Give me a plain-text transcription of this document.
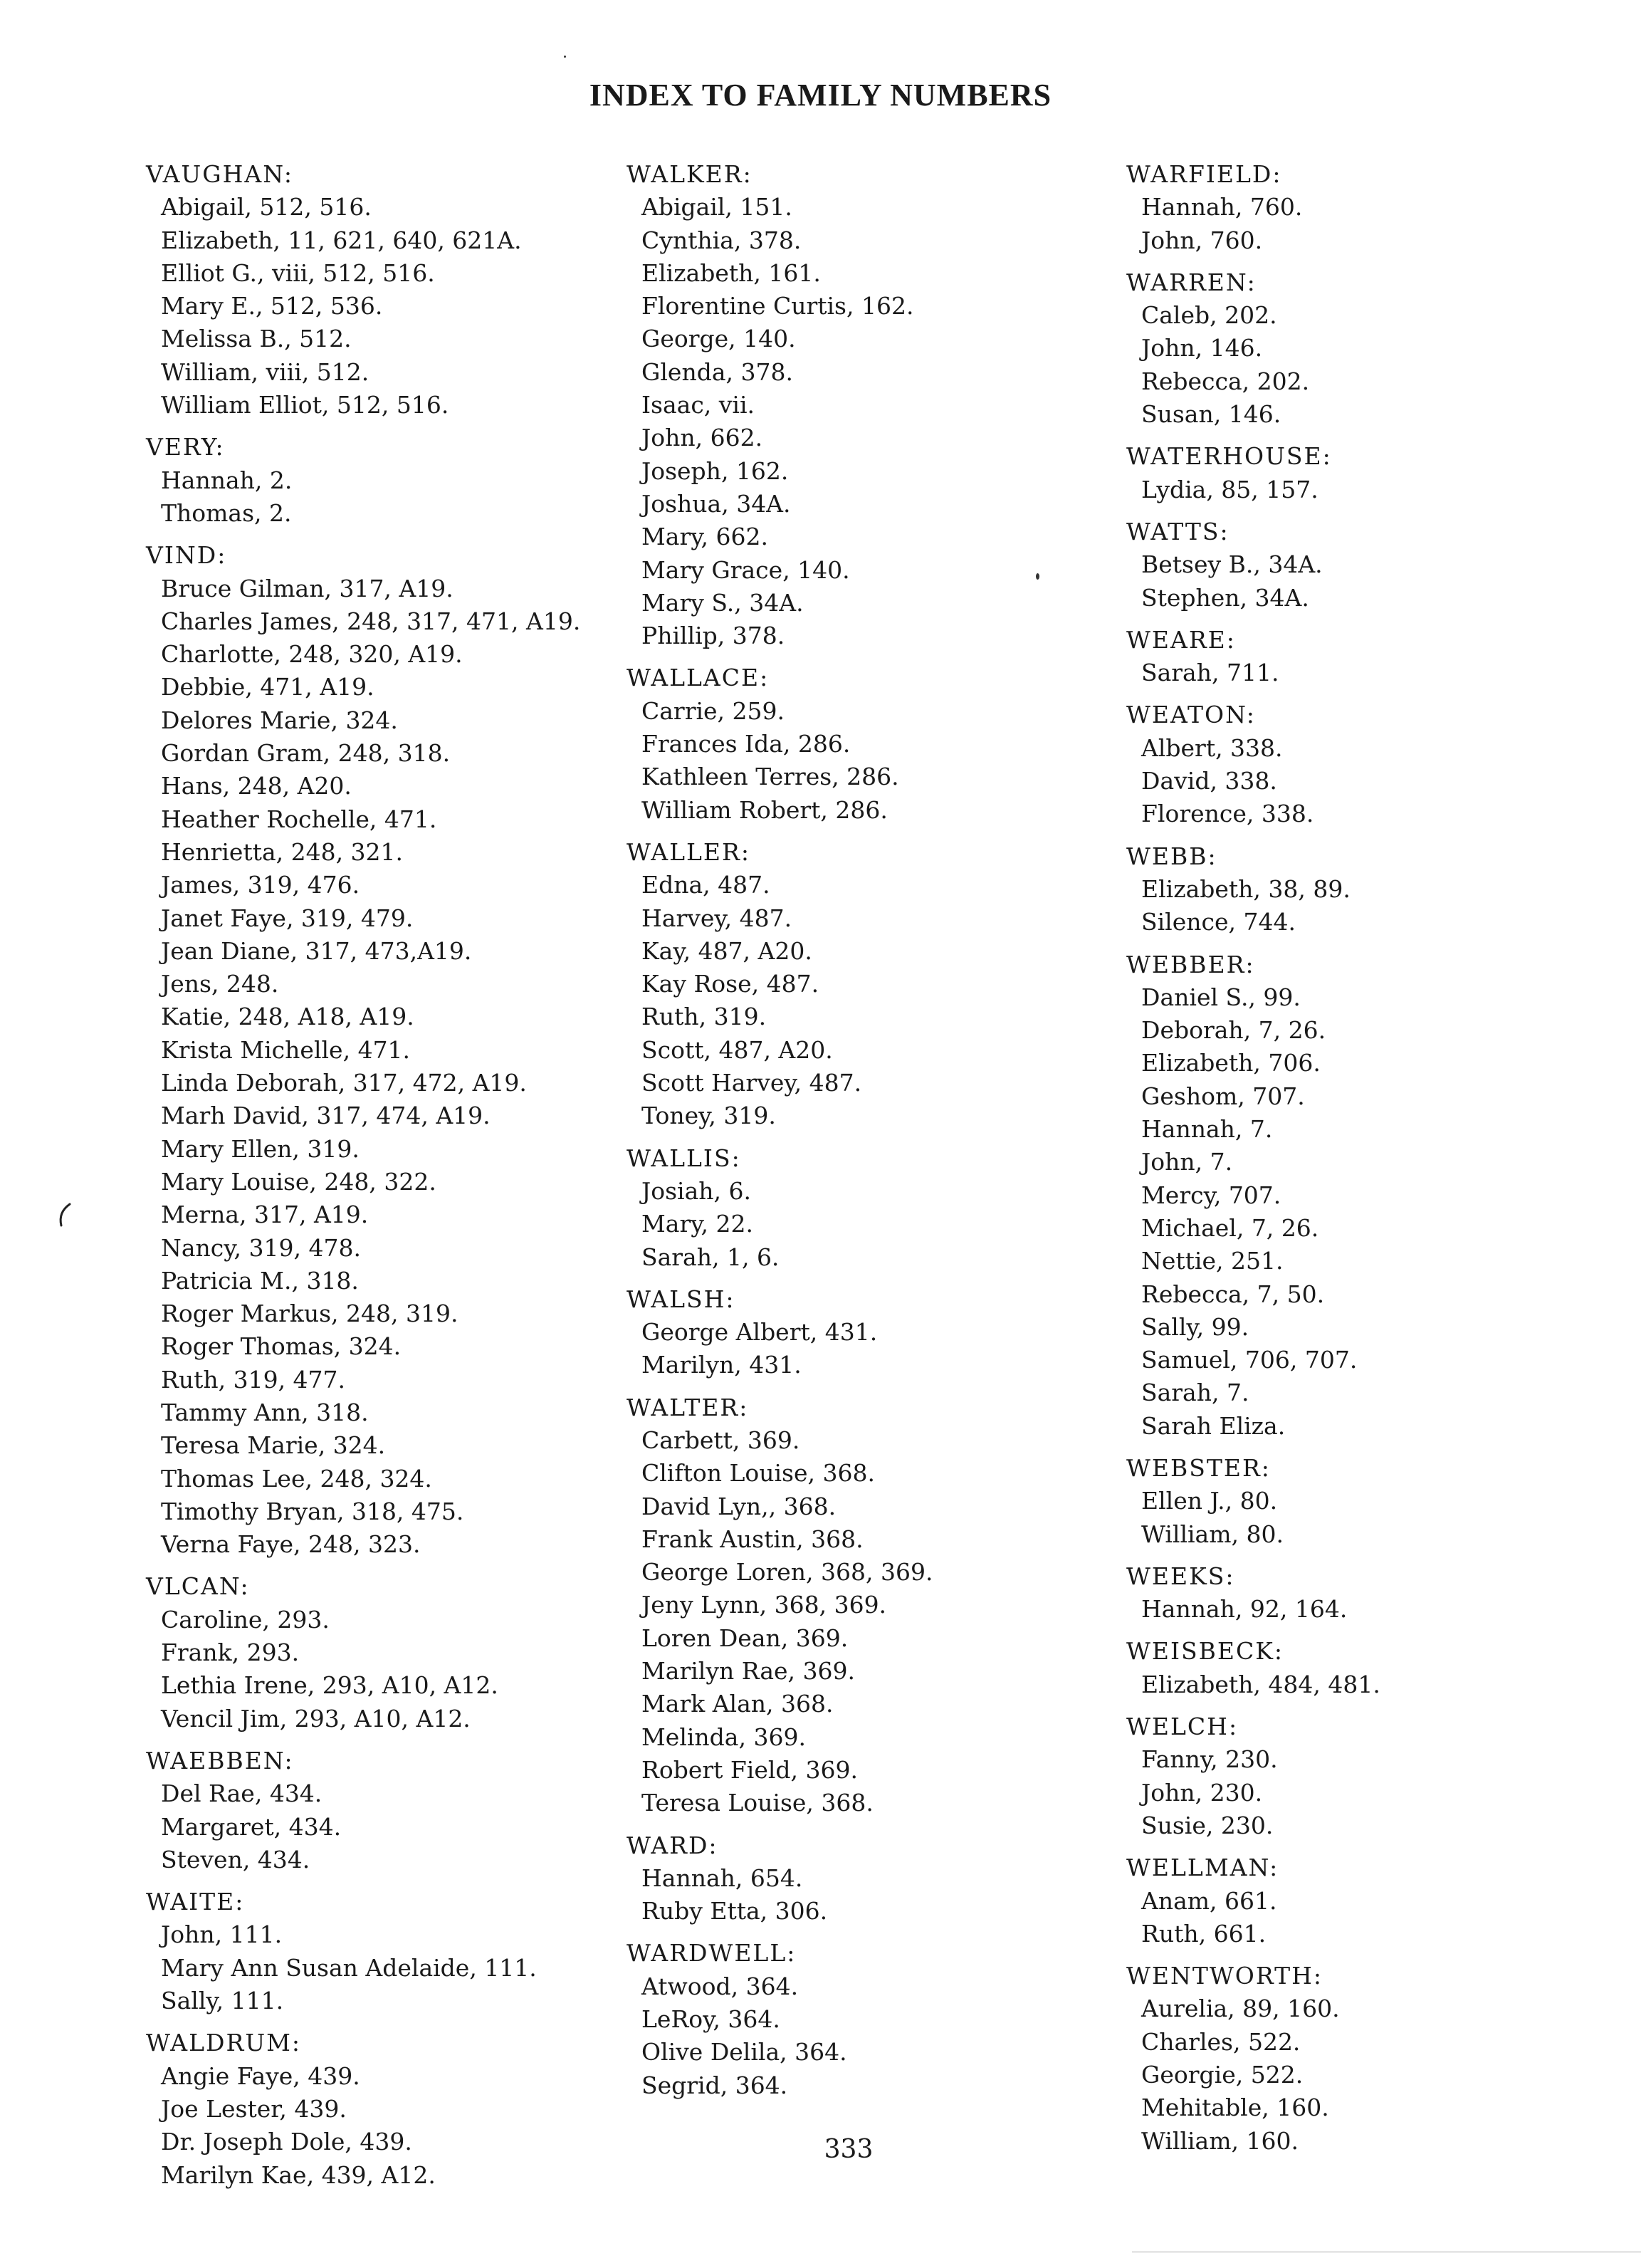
INDEX TO FAMILY NUMBERS
VAUGHAN:
Abigail, 512, 516.
Elizabeth, 11, 621, 640, 621A.
Elliot G., viii, 512, 516.
Mary E., 512, 536.
Melissa B., 512.
William, viii, 512.
William Elliot, 512, 516.
VERY:
Hannah, 2.
Thomas, 2.
VIND:
Bruce Gilman, 317, A19.
Charles James, 248, 317, 471, A19.
Charlotte, 248, 320, A19.
Debbie, 471, A19.
Delores Marie, 324.
Gordan Gram, 248, 318.
Hans, 248, A20.
Heather Rochelle, 471.
Henrietta, 248, 321.
James, 319, 476.
Janet Faye, 319, 479.
Jean Diane, 317, 473,A19.
Jens, 248.
Katie, 248, A18, A19.
Krista Michelle, 471.
Linda Deborah, 317, 472, A19.
Marh David, 317, 474, A19.
Mary Ellen, 319.
Mary Louise, 248, 322.
Merna, 317, A19.
Nancy, 319, 478.
Patricia M., 318.
Roger Markus, 248, 319.
Roger Thomas, 324.
Ruth, 319, 477.
Tammy Ann, 318.
Teresa Marie, 324.
Thomas Lee, 248, 324.
Timothy Bryan, 318, 475.
Verna Faye, 248, 323.
VLCAN:
Caroline, 293.
Frank, 293.
Lethia Irene, 293, A10, A12.
Vencil Jim, 293, A10, A12.
WAEBBEN:
Del Rae, 434.
Margaret, 434.
Steven, 434.
WAITE:
John, 111.
Mary Ann Susan Adelaide, 111.
Sally, 111.
WALDRUM:
Angie Faye, 439.
Joe Lester, 439.
Dr. Joseph Dole, 439.
Marilyn Kae, 439, A12.
WALKER:
Abigail, 151.
Cynthia, 378.
Elizabeth, 161.
Florentine Curtis, 162.
George, 140.
Glenda, 378.
Isaac, vii.
John, 662.
Joseph, 162.
Joshua, 34A.
Mary, 662.
Mary Grace, 140.
Mary S., 34A.
Phillip, 378.
WALLACE:
Carrie, 259.
Frances Ida, 286.
Kathleen Terres, 286.
William Robert, 286.
WALLER:
Edna, 487.
Harvey, 487.
Kay, 487, A20.
Kay Rose, 487.
Ruth, 319.
Scott, 487, A20.
Scott Harvey, 487.
Toney, 319.
WALLIS:
Josiah, 6.
Mary, 22.
Sarah, 1, 6.
WALSH:
George Albert, 431.
Marilyn, 431.
WALTER:
Carbett, 369.
Clifton Louise, 368.
David Lyn,, 368.
Frank Austin, 368.
George Loren, 368, 369.
Jeny Lynn, 368, 369.
Loren Dean, 369.
Marilyn Rae, 369.
Mark Alan, 368.
Melinda, 369.
Robert Field, 369.
Teresa Louise, 368.
WARD:
Hannah, 654.
Ruby Etta, 306.
WARDWELL:
Atwood, 364.
LeRoy, 364.
Olive Delila, 364.
Segrid, 364.
WARFIELD:
Hannah, 760.
John, 760.
WARREN:
Caleb, 202.
John, 146.
Rebecca, 202.
Susan, 146.
WATERHOUSE:
Lydia, 85, 157.
WATTS:
Betsey B., 34A.
Stephen, 34A.
WEARE:
Sarah, 711.
WEATON:
Albert, 338.
David, 338.
Florence, 338.
WEBB:
Elizabeth, 38, 89.
Silence, 744.
WEBBER:
Daniel S., 99.
Deborah, 7, 26.
Elizabeth, 706.
Geshom, 707.
Hannah, 7.
John, 7.
Mercy, 707.
Michael, 7, 26.
Nettie, 251.
Rebecca, 7, 50.
Sally, 99.
Samuel, 706, 707.
Sarah, 7.
Sarah Eliza.
WEBSTER:
Ellen J., 80.
William, 80.
WEEKS:
Hannah, 92, 164.
WEISBECK:
Elizabeth, 484, 481.
WELCH:
Fanny, 230.
John, 230.
Susie, 230.
WELLMAN:
Anam, 661.
Ruth, 661.
WENTWORTH:
Aurelia, 89, 160.
Charles, 522.
Georgie, 522.
Mehitable, 160.
William, 160.
333
